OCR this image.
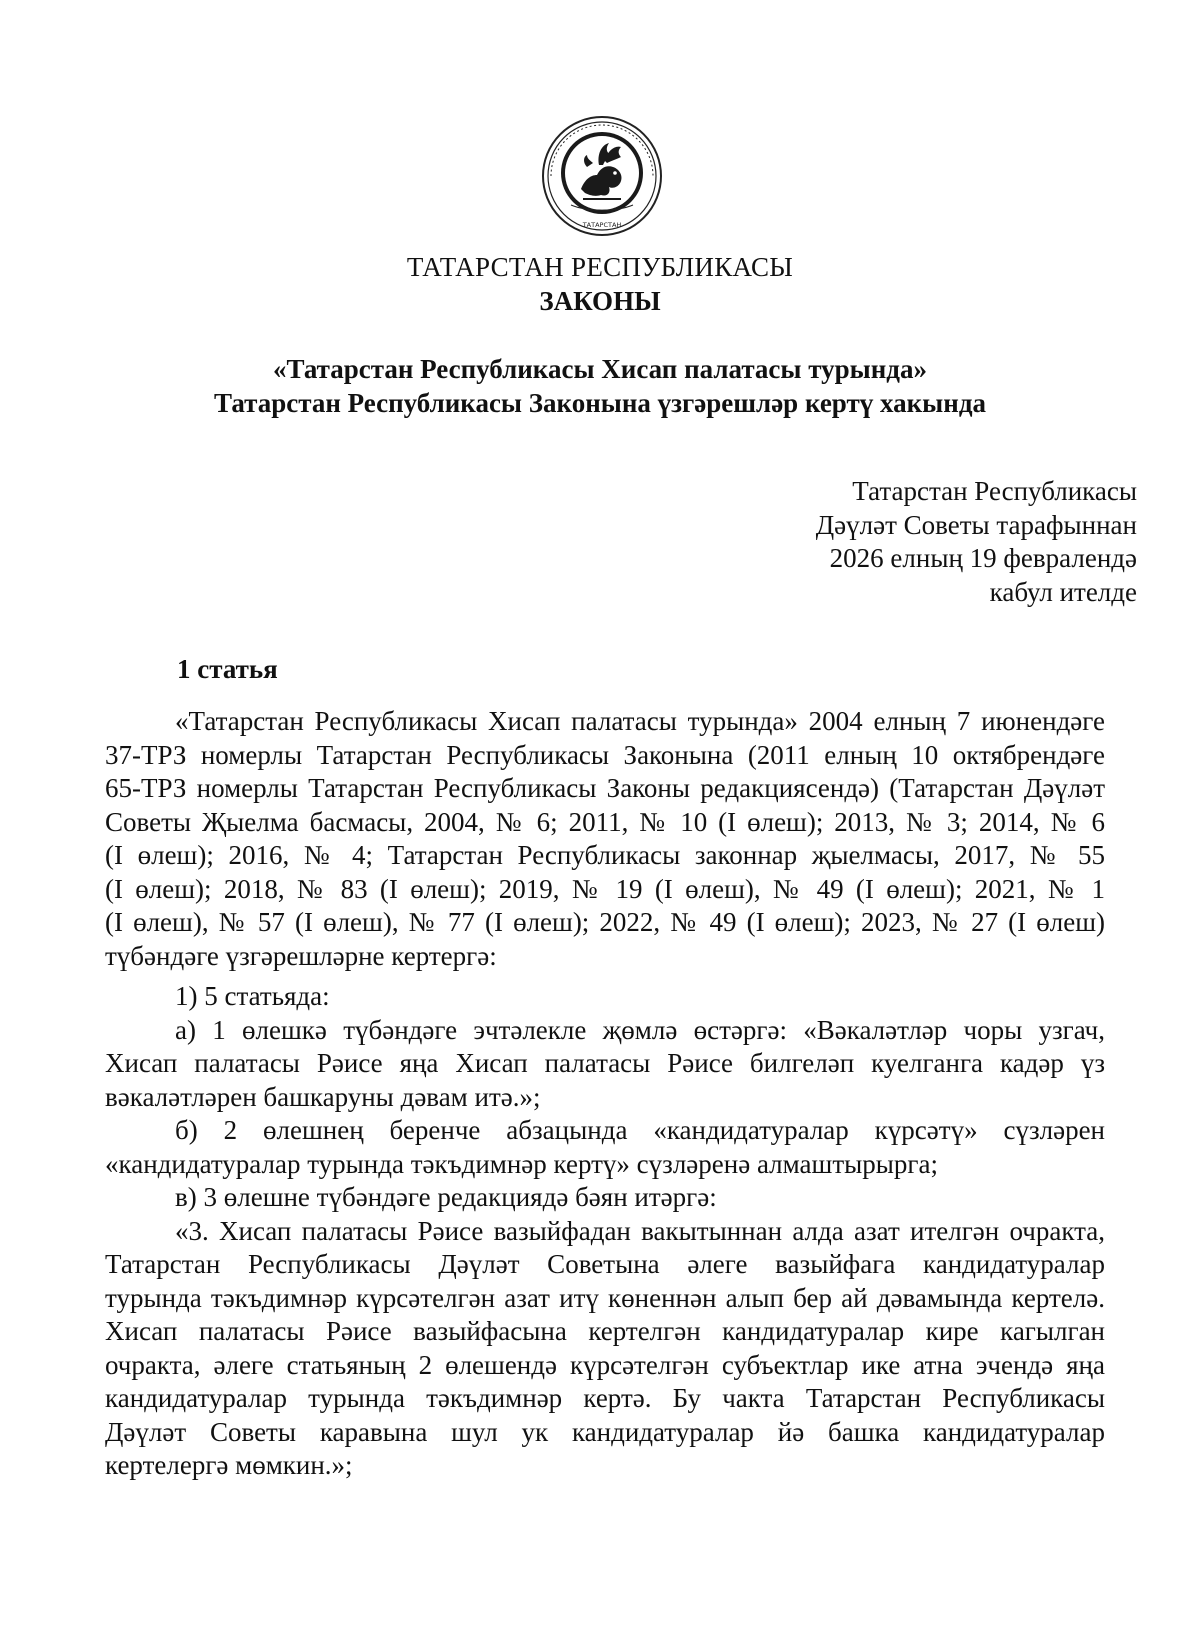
ТАТАРСТАН
ТАТАРСТАН РЕСПУБЛИКАСЫ
ЗАКОНЫ
«Татарстан Республикасы Хисап палатасы турында»
Татарстан Республикасы Законына үзгәрешләр кертү хакында
Татарстан Республикасы
Дәүләт Советы тарафыннан
2026 елның 19 февралендә
кабул ителде
1 статья
«Татарстан Республикасы Хисап палатасы турында» 2004 елның 7 июнендәге
37-ТРЗ номерлы Татарстан Республикасы Законына (2011 елның 10 октябрендәге
65-ТРЗ номерлы Татарстан Республикасы Законы редакциясендә) (Татарстан Дәүләт
Советы Җыелма басмасы, 2004, № 6; 2011, № 10 (I өлеш); 2013, № 3; 2014, № 6
(I өлеш); 2016, № 4; Татарстан Республикасы законнар җыелмасы, 2017, № 55
(I өлеш); 2018, № 83 (I өлеш); 2019, № 19 (I өлеш), № 49 (I өлеш); 2021, № 1
(I өлеш), № 57 (I өлеш), № 77 (I өлеш); 2022, № 49 (I өлеш); 2023, № 27 (I өлеш)
түбәндәге үзгәрешләрне кертергә:
1) 5 статьяда:
а) 1 өлешкә түбәндәге эчтәлекле җөмлә өстәргә: «Вәкаләтләр чоры узгач,
Хисап палатасы Рәисе яңа Хисап палатасы Рәисе билгеләп куелганга кадәр үз
вәкаләтләрен башкаруны дәвам итә.»;
б) 2 өлешнең беренче абзацында «кандидатуралар күрсәтү» сүзләрен
«кандидатуралар турында тәкъдимнәр кертү» сүзләренә алмаштырырга;
в) 3 өлешне түбәндәге редакциядә бәян итәргә:
«3. Хисап палатасы Рәисе вазыйфадан вакытыннан алда азат ителгән очракта,
Татарстан Республикасы Дәүләт Советына әлеге вазыйфага кандидатуралар
турында тәкъдимнәр күрсәтелгән азат итү көненнән алып бер ай дәвамында кертелә.
Хисап палатасы Рәисе вазыйфасына кертелгән кандидатуралар кире кагылган
очракта, әлеге статьяның 2 өлешендә күрсәтелгән субъектлар ике атна эчендә яңа
кандидатуралар турында тәкъдимнәр кертә. Бу чакта Татарстан Республикасы
Дәүләт Советы каравына шул ук кандидатуралар йә башка кандидатуралар
кертелергә мөмкин.»;
